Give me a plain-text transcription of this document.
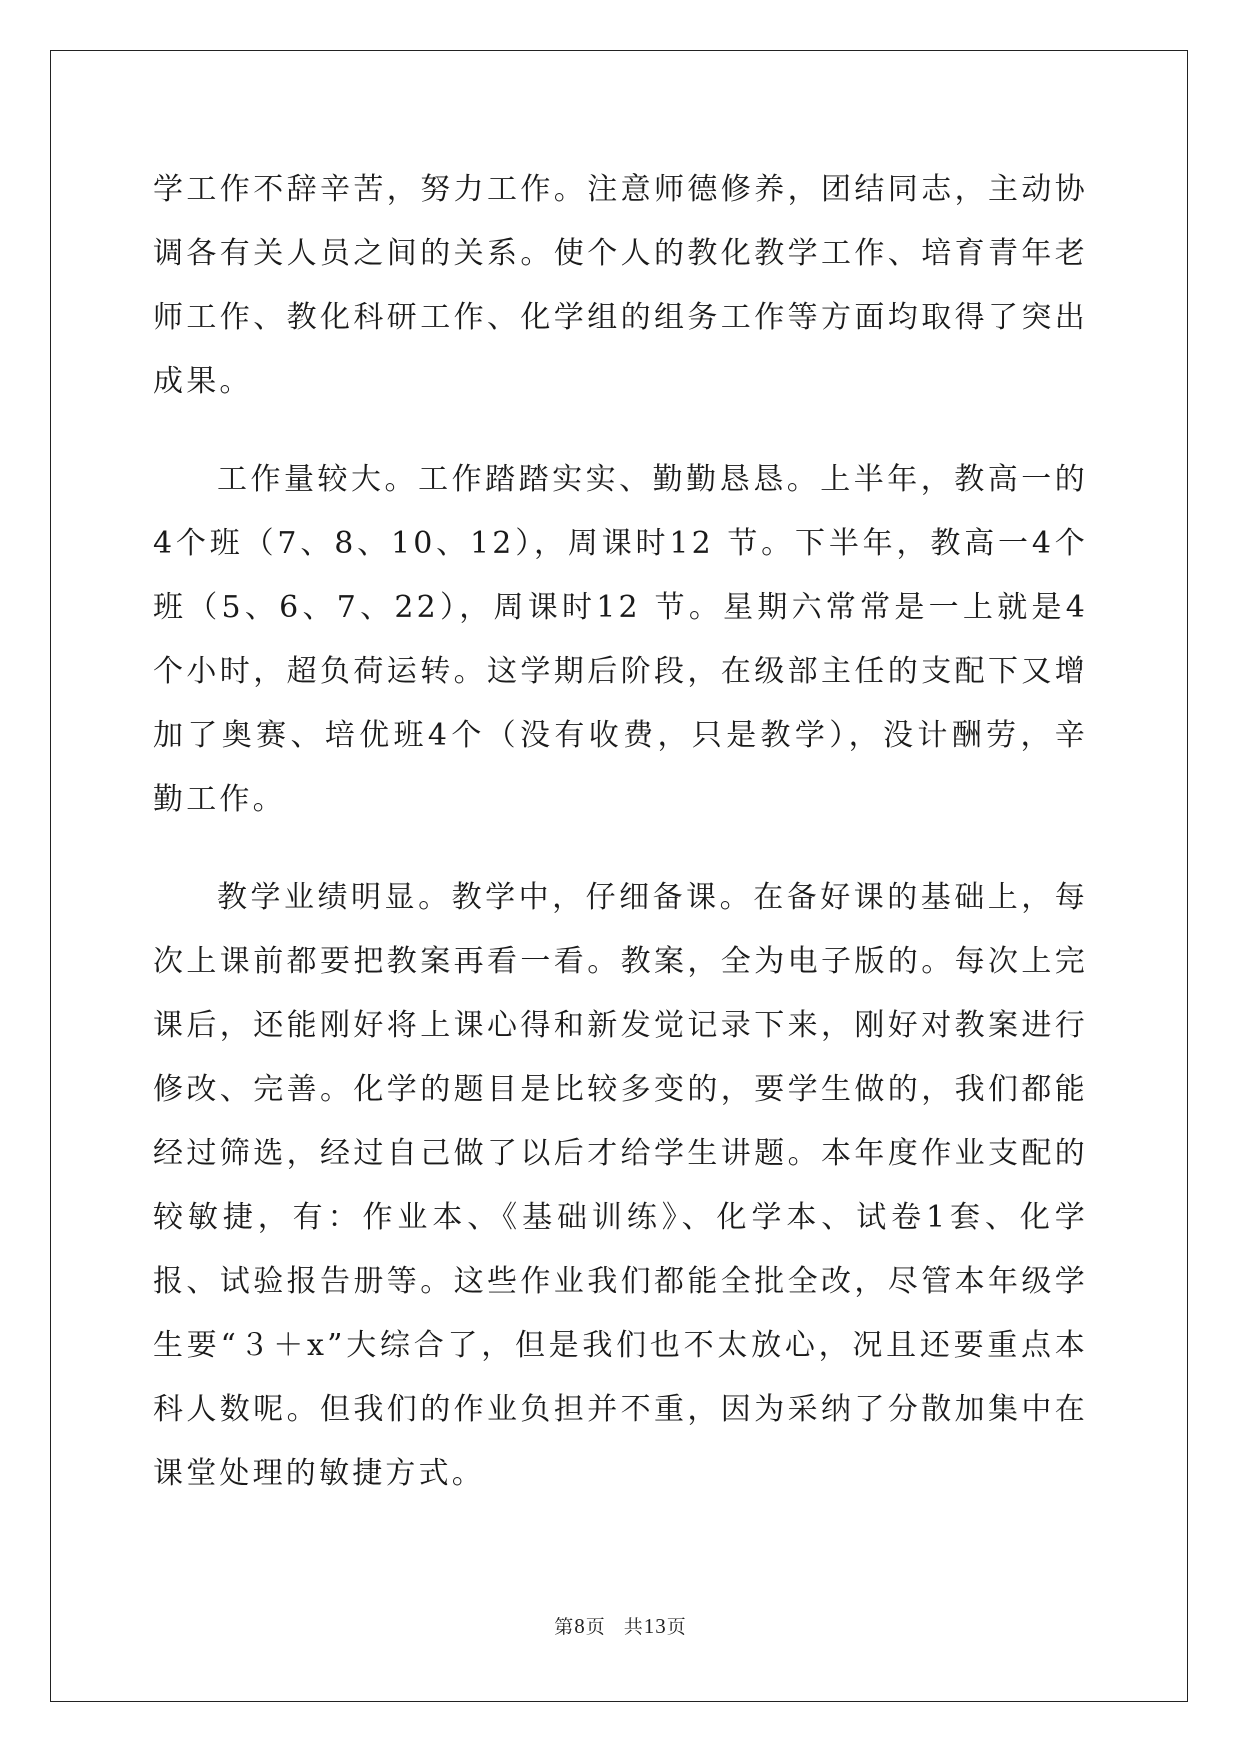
学工作不辞辛苦，努力工作。注意师德修养，团结同志，主动协调各有关人员之间的关系。使个人的教化教学工作、培育青年老师工作、教化科研工作、化学组的组务工作等方面均取得了突出成果。

工作量较大。工作踏踏实实、勤勤恳恳。上半年，教高一的4个班（7、8、10、12），周课时12 节。下半年，教高一4个班（5、6、7、22），周课时12 节。星期六常常是一上就是4个小时，超负荷运转。这学期后阶段，在级部主任的支配下又增加了奥赛、培优班4个（没有收费，只是教学），没计酬劳，辛勤工作。

教学业绩明显。教学中，仔细备课。在备好课的基础上，每次上课前都要把教案再看一看。教案，全为电子版的。每次上完课后，还能刚好将上课心得和新发觉记录下来，刚好对教案进行修改、完善。化学的题目是比较多变的，要学生做的，我们都能经过筛选，经过自己做了以后才给学生讲题。本年度作业支配的较敏捷，有：作业本、《基础训练》、化学本、试卷1套、化学报、试验报告册等。这些作业我们都能全批全改，尽管本年级学生要“３＋x”大综合了，但是我们也不太放心，况且还要重点本科人数呢。但我们的作业负担并不重，因为采纳了分散加集中在课堂处理的敏捷方式。

第8页 共13页
